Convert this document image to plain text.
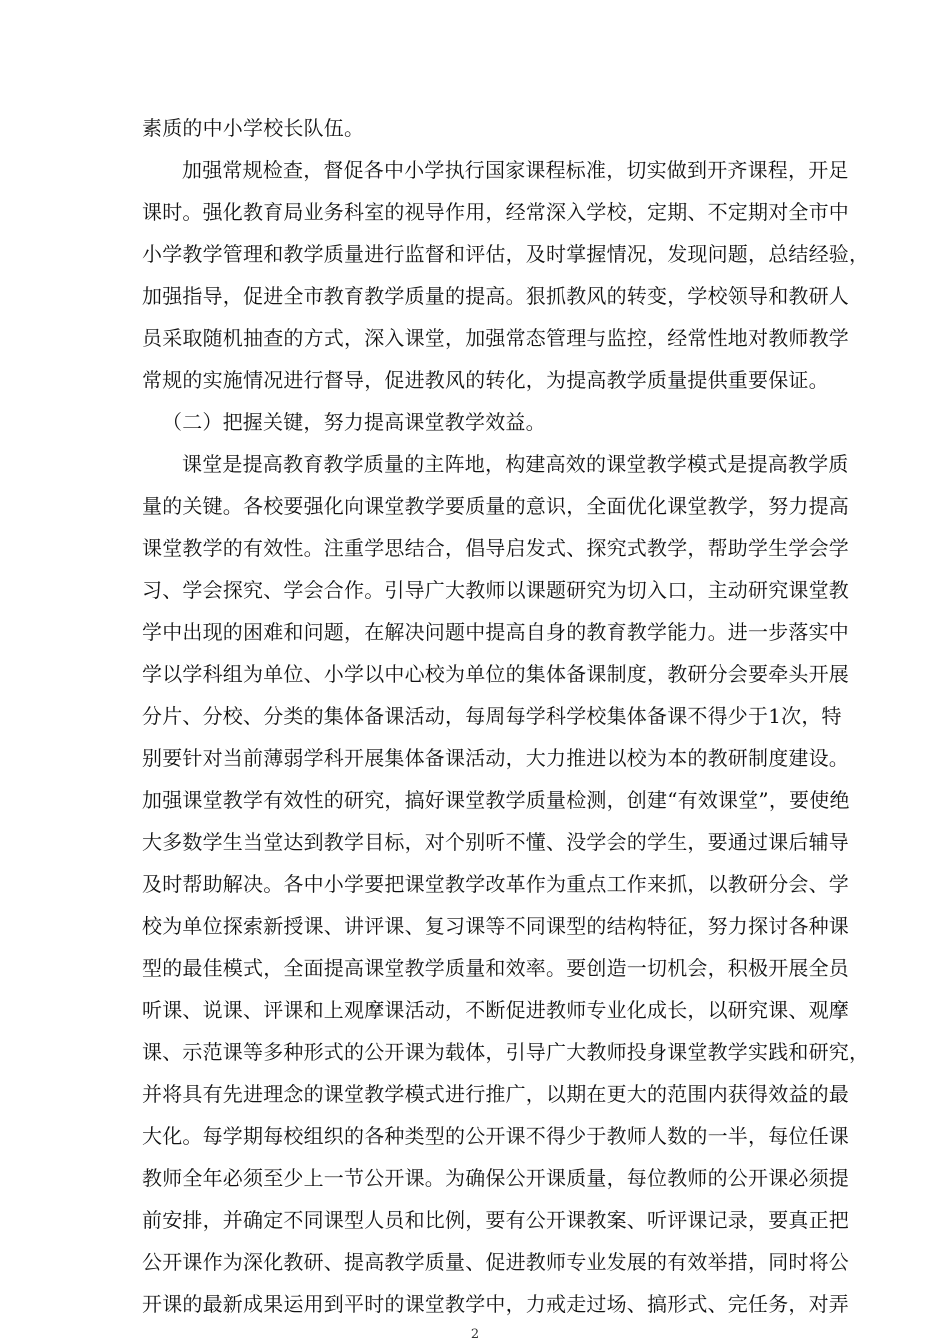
素质的中小学校长队伍。
加强常规检查，督促各中小学执行国家课程标准，切实做到开齐课程，开足
课时。强化教育局业务科室的视导作用，经常深入学校，定期、不定期对全市中
小学教学管理和教学质量进行监督和评估，及时掌握情况，发现问题，总结经验，
加强指导，促进全市教育教学质量的提高。狠抓教风的转变，学校领导和教研人
员采取随机抽查的方式，深入课堂，加强常态管理与监控，经常性地对教师教学
常规的实施情况进行督导，促进教风的转化，为提高教学质量提供重要保证。
（二）把握关键，努力提高课堂教学效益。
课堂是提高教育教学质量的主阵地，构建高效的课堂教学模式是提高教学质
量的关键。各校要强化向课堂教学要质量的意识，全面优化课堂教学，努力提高
课堂教学的有效性。注重学思结合，倡导启发式、探究式教学，帮助学生学会学
习、学会探究、学会合作。引导广大教师以课题研究为切入口，主动研究课堂教
学中出现的困难和问题，在解决问题中提高自身的教育教学能力。进一步落实中
学以学科组为单位、小学以中心校为单位的集体备课制度，教研分会要牵头开展
分片、分校、分类的集体备课活动，每周每学科学校集体备课不得少于1次，特
别要针对当前薄弱学科开展集体备课活动，大力推进以校为本的教研制度建设。
加强课堂教学有效性的研究，搞好课堂教学质量检测，创建“有效课堂”，要使绝
大多数学生当堂达到教学目标，对个别听不懂、没学会的学生，要通过课后辅导
及时帮助解决。各中小学要把课堂教学改革作为重点工作来抓，以教研分会、学
校为单位探索新授课、讲评课、复习课等不同课型的结构特征，努力探讨各种课
型的最佳模式，全面提高课堂教学质量和效率。要创造一切机会，积极开展全员
听课、说课、评课和上观摩课活动，不断促进教师专业化成长，以研究课、观摩
课、示范课等多种形式的公开课为载体，引导广大教师投身课堂教学实践和研究，
并将具有先进理念的课堂教学模式进行推广，以期在更大的范围内获得效益的最
大化。每学期每校组织的各种类型的公开课不得少于教师人数的一半，每位任课
教师全年必须至少上一节公开课。为确保公开课质量，每位教师的公开课必须提
前安排，并确定不同课型人员和比例，要有公开课教案、听评课记录，要真正把
公开课作为深化教研、提高教学质量、促进教师专业发展的有效举措，同时将公
开课的最新成果运用到平时的课堂教学中，力戒走过场、搞形式、完任务，对弄
2
